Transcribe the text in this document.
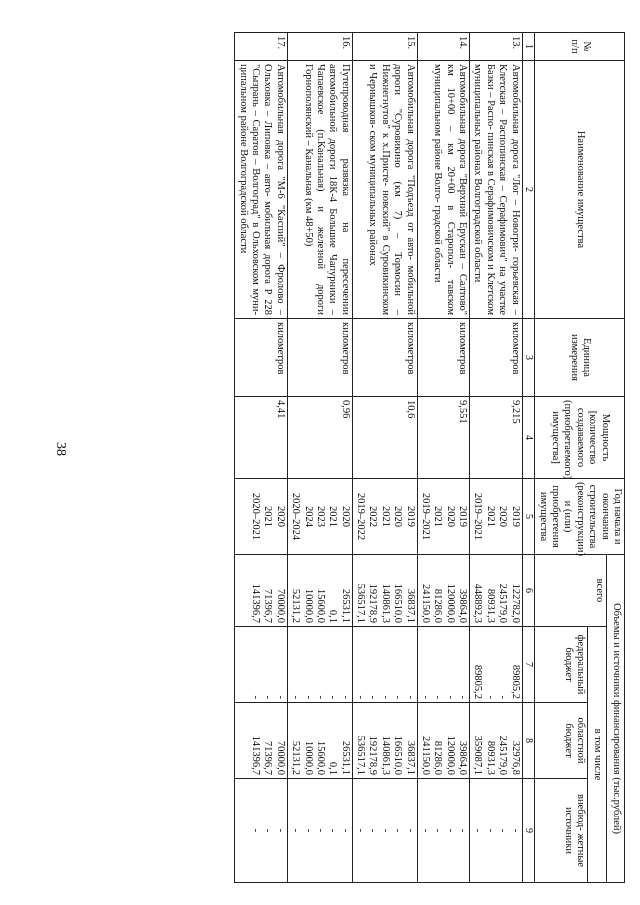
38
№ п/п	Наименование имущества	Единица измерения	Мощность [количество создаваемого (приобретаемого) имущества]	Год начала и окончания строительства (реконструкции) и (или) приобретения имущества	Объемы и источники финансирования (тыс.рублей)			
					всего	в том числе		
						федеральный бюджет	областной бюджет	внебюд- жетные источники
1	2	3	4	5	6	7	8	9
13.	Автомобильная дорога "Лог – Новогри- горьевская – Клетская – Распопинская – Серафимович" на участке Базки – Распо- пинская в Серафимовичском и Клетском муниципальных районах Волгоградской области	километров	9,215	2019
2020
2021
2019–2021	122782,0
245179,0
80931,3
448892,3	89805,2
-
-
89805,2	32976,8
245179,0
80931,3
359087,1	-
-
-
-

14.	Автомобильная дорога "Верхний Ерускан – Салтово" км 10+00 – км 20+00 в Старопол- тавском муниципальном районе Волго- градской области	километров	9,551	2019
2020
2021
2019–2021	39864,0
120000,0
81286,0
241150,0	-
-
-
-	39864,0
120000,0
81286,0
241150,0	-
-
-
-

15.	Автомобильная дорога "Подъезд от авто- мобильной дороги "Суровикино (км 7) – Тормосин – Нижнегнутов" к х.Присте- новский" в Суровикинском и Чернышков- ском муниципальных районах	километров	10,6	2019
2020
2021
2022
2019–2022	36837,1
166510,0
140861,3
192178,9
536517,1	-
-
-
-
-	36837,1
166510,0
140861,3
192178,9
536517,1	-
-
-
-
-

16.	Путепроводная развязка на пересечении автомобильной дороги 18К-4 Большие Чапурники – Чапаевское (п.Канальная) и железной дороги Горнополянский – Канальная (км 48+50)	километров	0,96	2020
2021
2023
2024
2020–2024	26531,1
0,1
15600,0
10000,0
52131,2	-
-
-
-
-	26531,1
0,1
15600,0
10000,0
52131,2	-
-
-
-
-

17.	Автомобильная дорога "М-6 "Каспий" – Фролово – Ольховка – Липовка – авто- мобильная дорога Р 228 "Сызрань – Саратов – Волгоград" в Ольховском муни- ципальном районе Волгоградской области	километров	4,41	2020
2021
2020–2021	70000,0
71396,7
141396,7	-
-
-	70000,0
71396,7
141396,7	-
-
-
